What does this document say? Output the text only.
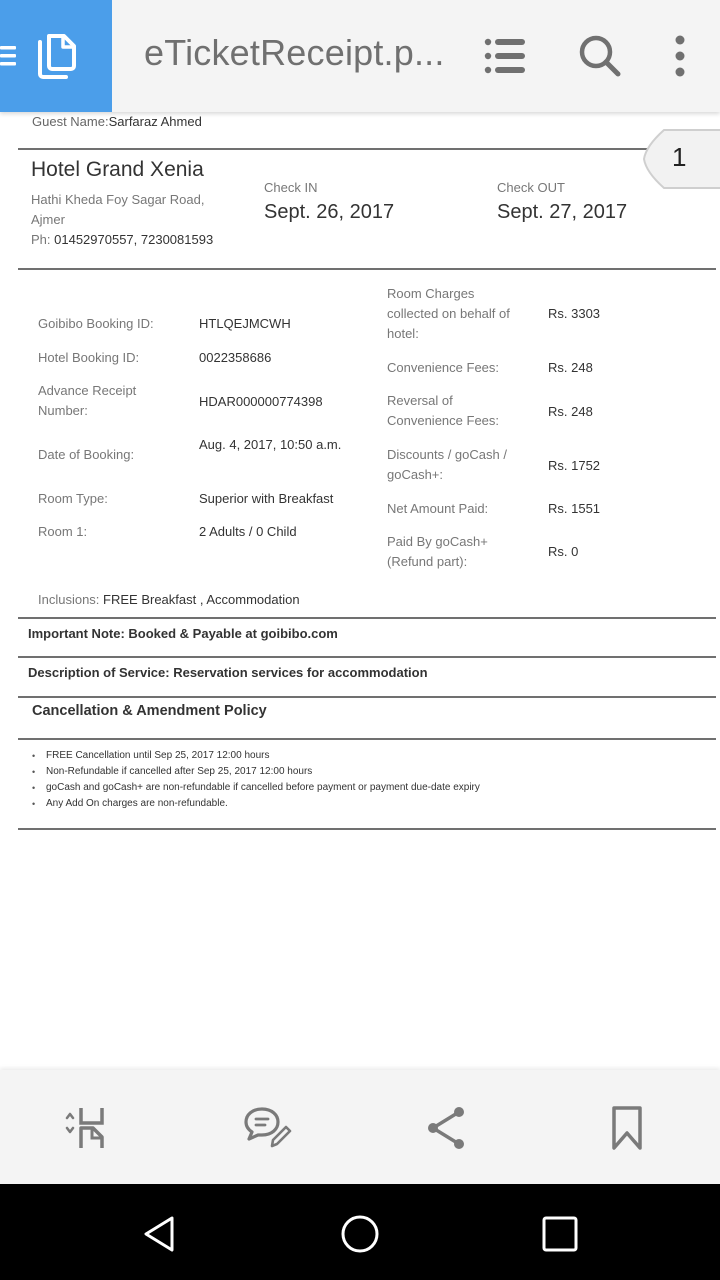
eTicketReceipt.p...
Guest Name:Sarfaraz Ahmed
Hotel Grand Xenia
Hathi Kheda Foy Sagar Road,
Ajmer
Ph: 01452970557, 7230081593
Check IN
Sept. 26, 2017
Check OUT
Sept. 27, 2017
1
Goibibo Booking ID:	HTLQEJMCWH
Hotel Booking ID:	0022358686
Advance Receipt Number:
HDAR000000774398
Date of Booking:
Aug. 4, 2017, 10:50 a.m.
Room Type:	Superior with Breakfast
Room 1:	2 Adults / 0 Child
Room Charges collected on behalf of hotel:
Rs. 3303
Convenience Fees:	Rs. 248
Reversal of Convenience Fees:
Rs. 248
Discounts / goCash / goCash+:
Rs. 1752
Net Amount Paid:	Rs. 1551
Paid By goCash+ (Refund part):
Rs. 0
Inclusions: FREE Breakfast , Accommodation
Important Note: Booked & Payable at goibibo.com
Description of Service: Reservation services for accommodation
Cancellation & Amendment Policy
• FREE Cancellation until Sep 25, 2017 12:00 hours
• Non-Refundable if cancelled after Sep 25, 2017 12:00 hours
• goCash and goCash+ are non-refundable if cancelled before payment or payment due-date expiry
• Any Add On charges are non-refundable.
